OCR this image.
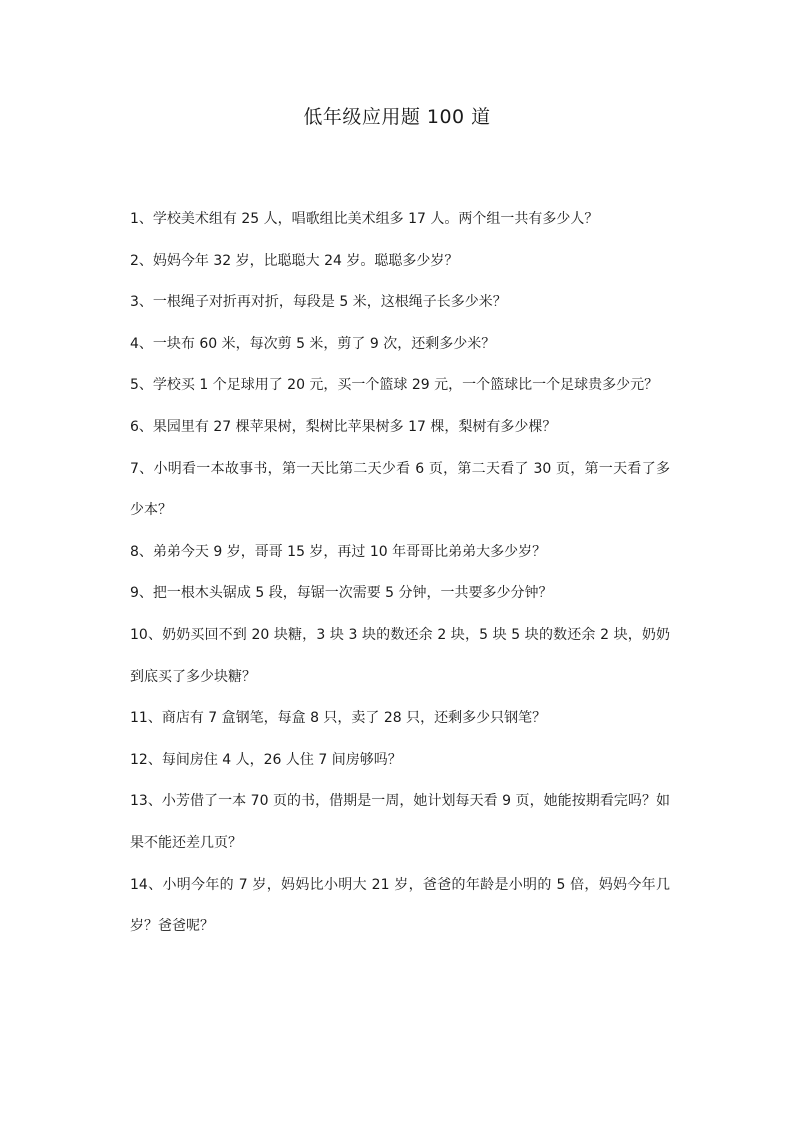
低年级应用题 100 道
1、学校美术组有 25 人，唱歌组比美术组多 17 人。两个组一共有多少人？
2、妈妈今年 32 岁，比聪聪大 24 岁。聪聪多少岁？
3、一根绳子对折再对折，每段是 5 米，这根绳子长多少米？
4、一块布 60 米，每次剪 5 米，剪了 9 次，还剩多少米？
5、学校买 1 个足球用了 20 元，买一个篮球 29 元，一个篮球比一个足球贵多少元？
6、果园里有 27 棵苹果树，梨树比苹果树多 17 棵，梨树有多少棵？
7、小明看一本故事书，第一天比第二天少看 6 页，第二天看了 30 页，第一天看了多少本？
8、弟弟今天 9 岁，哥哥 15 岁，再过 10 年哥哥比弟弟大多少岁？
9、把一根木头锯成 5 段，每锯一次需要 5 分钟，一共要多少分钟？
10、奶奶买回不到 20 块糖，3 块 3 块的数还余 2 块，5 块 5 块的数还余 2 块，奶奶到底买了多少块糖？
11、商店有 7 盒钢笔，每盒 8 只，卖了 28 只，还剩多少只钢笔？
12、每间房住 4 人，26 人住 7 间房够吗？
13、小芳借了一本 70 页的书，借期是一周，她计划每天看 9 页，她能按期看完吗？如果不能还差几页？
14、小明今年的 7 岁，妈妈比小明大 21 岁，爸爸的年龄是小明的 5 倍，妈妈今年几岁？爸爸呢？
